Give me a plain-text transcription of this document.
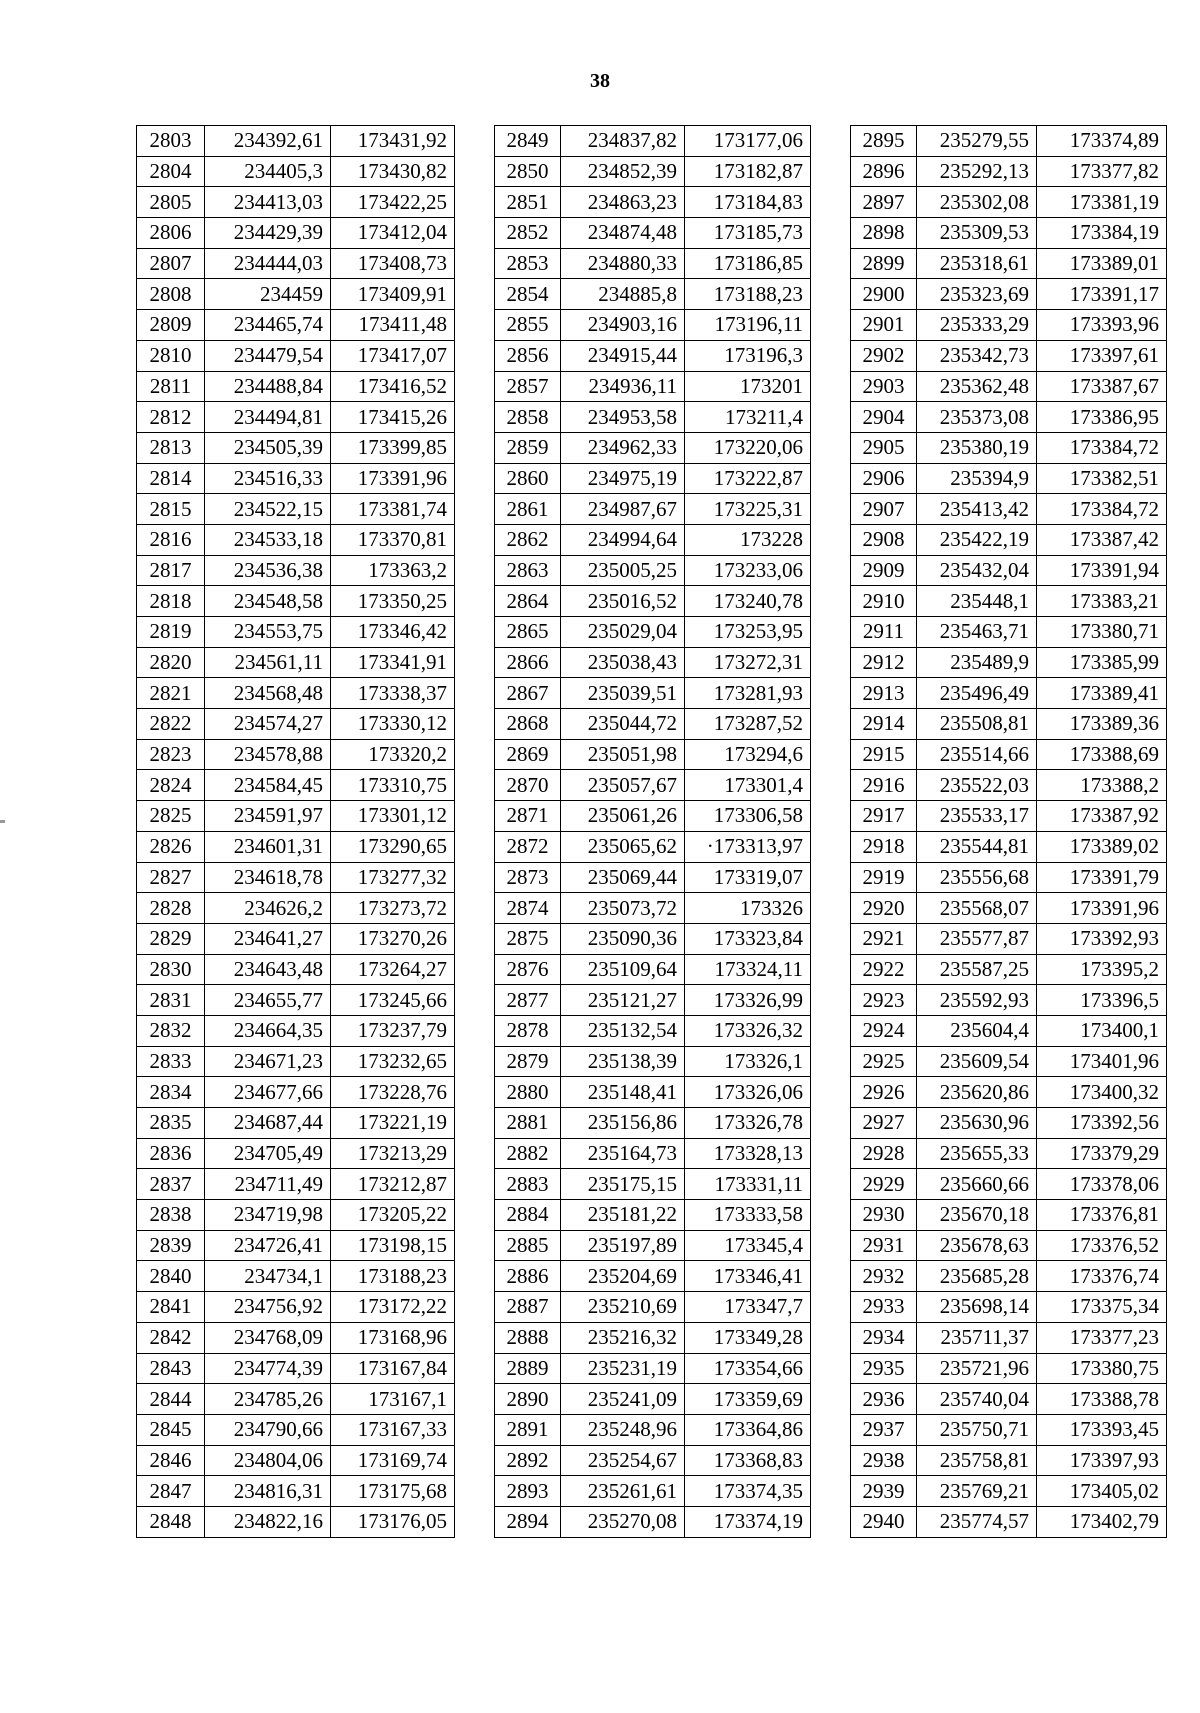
38
2803	234392,61	173431,92
2804	234405,3	173430,82
2805	234413,03	173422,25
2806	234429,39	173412,04
2807	234444,03	173408,73
2808	234459	173409,91
2809	234465,74	173411,48
2810	234479,54	173417,07
2811	234488,84	173416,52
2812	234494,81	173415,26
2813	234505,39	173399,85
2814	234516,33	173391,96
2815	234522,15	173381,74
2816	234533,18	173370,81
2817	234536,38	173363,2
2818	234548,58	173350,25
2819	234553,75	173346,42
2820	234561,11	173341,91
2821	234568,48	173338,37
2822	234574,27	173330,12
2823	234578,88	173320,2
2824	234584,45	173310,75
2825	234591,97	173301,12
2826	234601,31	173290,65
2827	234618,78	173277,32
2828	234626,2	173273,72
2829	234641,27	173270,26
2830	234643,48	173264,27
2831	234655,77	173245,66
2832	234664,35	173237,79
2833	234671,23	173232,65
2834	234677,66	173228,76
2835	234687,44	173221,19
2836	234705,49	173213,29
2837	234711,49	173212,87
2838	234719,98	173205,22
2839	234726,41	173198,15
2840	234734,1	173188,23
2841	234756,92	173172,22
2842	234768,09	173168,96
2843	234774,39	173167,84
2844	234785,26	173167,1
2845	234790,66	173167,33
2846	234804,06	173169,74
2847	234816,31	173175,68
2848	234822,16	173176,05
2849	234837,82	173177,06
2850	234852,39	173182,87
2851	234863,23	173184,83
2852	234874,48	173185,73
2853	234880,33	173186,85
2854	234885,8	173188,23
2855	234903,16	173196,11
2856	234915,44	173196,3
2857	234936,11	173201
2858	234953,58	173211,4
2859	234962,33	173220,06
2860	234975,19	173222,87
2861	234987,67	173225,31
2862	234994,64	173228
2863	235005,25	173233,06
2864	235016,52	173240,78
2865	235029,04	173253,95
2866	235038,43	173272,31
2867	235039,51	173281,93
2868	235044,72	173287,52
2869	235051,98	173294,6
2870	235057,67	173301,4
2871	235061,26	173306,58
2872	235065,62	·173313,97
2873	235069,44	173319,07
2874	235073,72	173326
2875	235090,36	173323,84
2876	235109,64	173324,11
2877	235121,27	173326,99
2878	235132,54	173326,32
2879	235138,39	173326,1
2880	235148,41	173326,06
2881	235156,86	173326,78
2882	235164,73	173328,13
2883	235175,15	173331,11
2884	235181,22	173333,58
2885	235197,89	173345,4
2886	235204,69	173346,41
2887	235210,69	173347,7
2888	235216,32	173349,28
2889	235231,19	173354,66
2890	235241,09	173359,69
2891	235248,96	173364,86
2892	235254,67	173368,83
2893	235261,61	173374,35
2894	235270,08	173374,19
2895	235279,55	173374,89
2896	235292,13	173377,82
2897	235302,08	173381,19
2898	235309,53	173384,19
2899	235318,61	173389,01
2900	235323,69	173391,17
2901	235333,29	173393,96
2902	235342,73	173397,61
2903	235362,48	173387,67
2904	235373,08	173386,95
2905	235380,19	173384,72
2906	235394,9	173382,51
2907	235413,42	173384,72
2908	235422,19	173387,42
2909	235432,04	173391,94
2910	235448,1	173383,21
2911	235463,71	173380,71
2912	235489,9	173385,99
2913	235496,49	173389,41
2914	235508,81	173389,36
2915	235514,66	173388,69
2916	235522,03	173388,2
2917	235533,17	173387,92
2918	235544,81	173389,02
2919	235556,68	173391,79
2920	235568,07	173391,96
2921	235577,87	173392,93
2922	235587,25	173395,2
2923	235592,93	173396,5
2924	235604,4	173400,1
2925	235609,54	173401,96
2926	235620,86	173400,32
2927	235630,96	173392,56
2928	235655,33	173379,29
2929	235660,66	173378,06
2930	235670,18	173376,81
2931	235678,63	173376,52
2932	235685,28	173376,74
2933	235698,14	173375,34
2934	235711,37	173377,23
2935	235721,96	173380,75
2936	235740,04	173388,78
2937	235750,71	173393,45
2938	235758,81	173397,93
2939	235769,21	173405,02
2940	235774,57	173402,79
